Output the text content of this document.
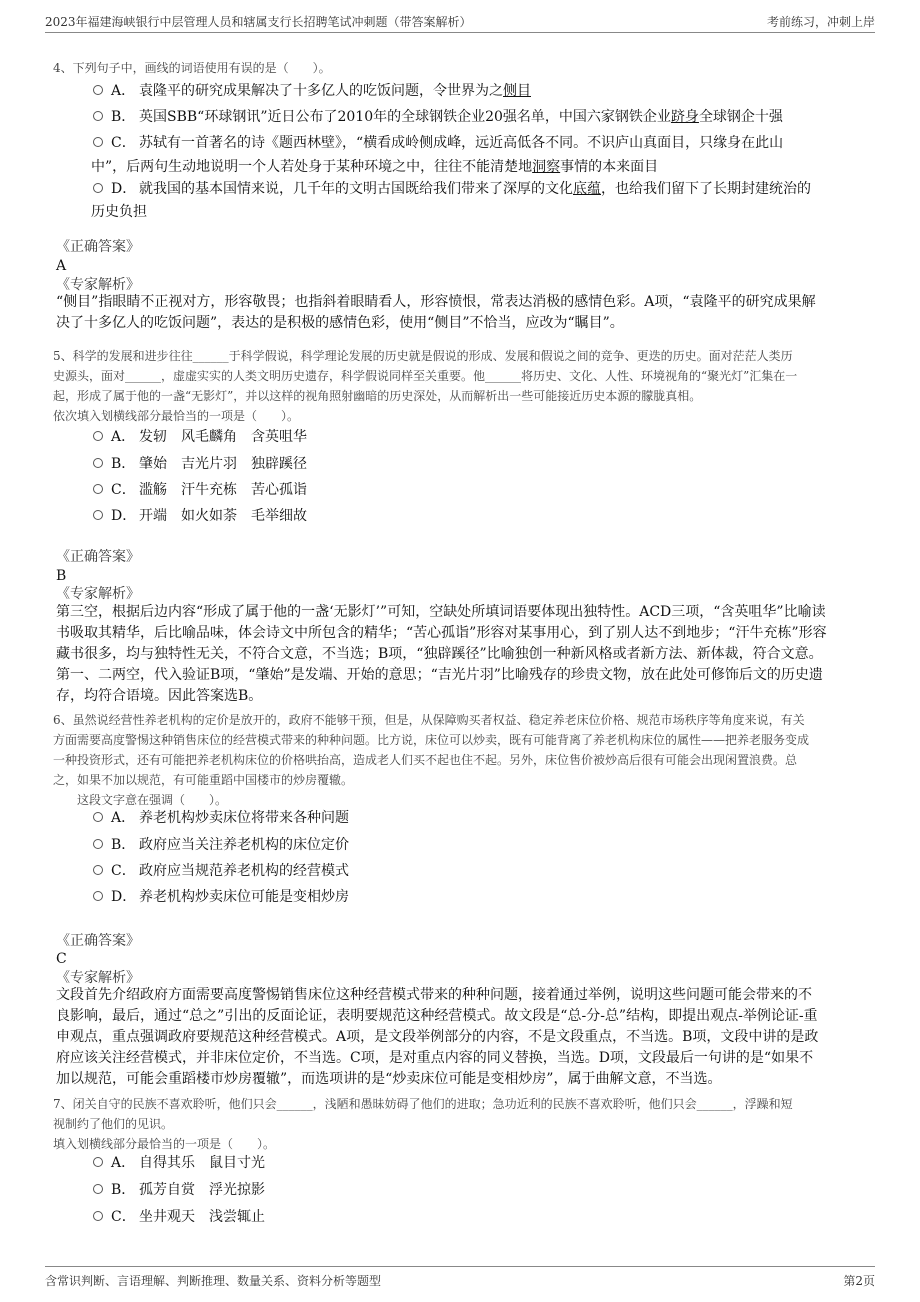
2023年福建海峡银行中层管理人员和辖属支行长招聘笔试冲刺题（带答案解析）	考前练习，冲刺上岸
4、下列句子中，画线的词语使用有误的是（　　）。
A． 袁隆平的研究成果解决了十多亿人的吃饭问题，令世界为之侧目
B． 英国SBB“环球钢讯”近日公布了2010年的全球钢铁企业20强名单，中国六家钢铁企业跻身全球钢企十强
C． 苏轼有一首著名的诗《题西林壁》，“横看成岭侧成峰，远近高低各不同。不识庐山真面目，只缘身在此山
中”，后两句生动地说明一个人若处身于某种环境之中，往往不能清楚地洞察事情的本来面目
D． 就我国的基本国情来说，几千年的文明古国既给我们带来了深厚的文化底蕴，也给我们留下了长期封建统治的
历史负担
《正确答案》
A
《专家解析》
“侧目”指眼睛不正视对方，形容敬畏；也指斜着眼睛看人，形容愤恨，常表达消极的感情色彩。A项，“袁隆平的研究成果解
决了十多亿人的吃饭问题”，表达的是积极的感情色彩，使用“侧目”不恰当，应改为“瞩目”。
5、科学的发展和进步往往______于科学假说，科学理论发展的历史就是假说的形成、发展和假说之间的竞争、更迭的历史。面对茫茫人类历
史源头，面对______，虚虚实实的人类文明历史遗存，科学假说同样至关重要。他______将历史、文化、人性、环境视角的“聚光灯”汇集在一
起，形成了属于他的一盏“无影灯”，并以这样的视角照射幽暗的历史深处，从而解析出一些可能接近历史本源的朦胧真相。
依次填入划横线部分最恰当的一项是（　　）。
A． 发轫　风毛麟角　含英咀华
B． 肇始　吉光片羽　独辟蹊径
C． 滥觞　汗牛充栋　苦心孤诣
D． 开端　如火如荼　毛举细故
《正确答案》
B
《专家解析》
第三空，根据后边内容“形成了属于他的一盏‘无影灯’”可知，空缺处所填词语要体现出独特性。ACD三项，“含英咀华”比喻读
书吸取其精华，后比喻品味，体会诗文中所包含的精华；“苦心孤诣”形容对某事用心，到了别人达不到地步；“汗牛充栋”形容
藏书很多，均与独特性无关，不符合文意，不当选；B项，“独辟蹊径”比喻独创一种新风格或者新方法、新体裁，符合文意。
第一、二两空，代入验证B项，“肇始”是发端、开始的意思；“吉光片羽”比喻残存的珍贵文物，放在此处可修饰后文的历史遗
存，均符合语境。因此答案选B。
6、虽然说经营性养老机构的定价是放开的，政府不能够干预，但是，从保障购买者权益、稳定养老床位价格、规范市场秩序等角度来说，有关
方面需要高度警惕这种销售床位的经营模式带来的种种问题。比方说，床位可以炒卖，既有可能背离了养老机构床位的属性——把养老服务变成
一种投资形式，还有可能把养老机构床位的价格哄抬高，造成老人们买不起也住不起。另外，床位售价被炒高后很有可能会出现闲置浪费。总
之，如果不加以规范，有可能重蹈中国楼市的炒房覆辙。
这段文字意在强调（　　）。
A． 养老机构炒卖床位将带来各种问题
B． 政府应当关注养老机构的床位定价
C． 政府应当规范养老机构的经营模式
D． 养老机构炒卖床位可能是变相炒房
《正确答案》
C
《专家解析》
文段首先介绍政府方面需要高度警惕销售床位这种经营模式带来的种种问题，接着通过举例，说明这些问题可能会带来的不
良影响，最后，通过“总之”引出的反面论证，表明要规范这种经营模式。故文段是“总-分-总”结构，即提出观点-举例论证-重
申观点，重点强调政府要规范这种经营模式。A项，是文段举例部分的内容，不是文段重点，不当选。B项，文段中讲的是政
府应该关注经营模式，并非床位定价，不当选。C项，是对重点内容的同义替换，当选。D项，文段最后一句讲的是“如果不
加以规范，可能会重蹈楼市炒房覆辙”，而选项讲的是“炒卖床位可能是变相炒房”，属于曲解文意，不当选。
7、闭关自守的民族不喜欢聆听，他们只会______，浅陋和愚昧妨碍了他们的进取；急功近利的民族不喜欢聆听，他们只会______，浮躁和短
视制约了他们的见识。
填入划横线部分最恰当的一项是（　　）。
A． 自得其乐　鼠目寸光
B． 孤芳自赏　浮光掠影
C． 坐井观天　浅尝辄止
含常识判断、言语理解、判断推理、数量关系、资料分析等题型	第2页
